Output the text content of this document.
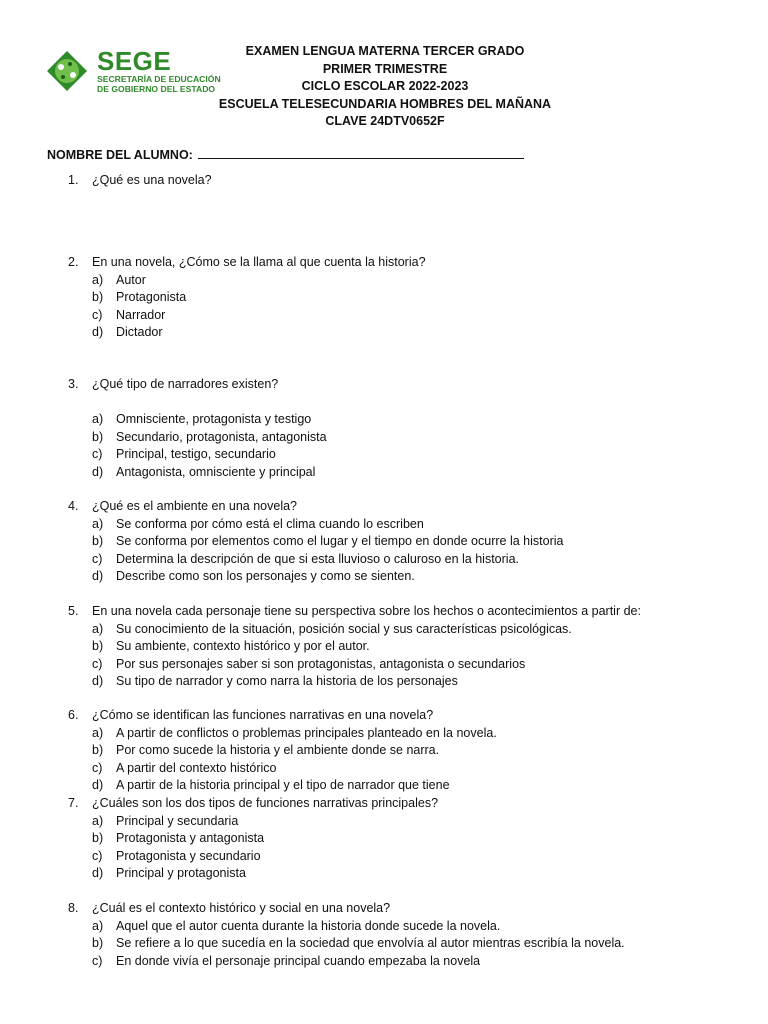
SEGE
SECRETARÍA DE EDUCACIÓN
DE GOBIERNO DEL ESTADO
EXAMEN LENGUA MATERNA TERCER GRADO
PRIMER TRIMESTRE
CICLO ESCOLAR 2022-2023
ESCUELA TELESECUNDARIA HOMBRES DEL MAÑANA
CLAVE 24DTV0652F
NOMBRE DEL ALUMNO:
1.	¿Qué es una novela?
2.	En una novela, ¿Cómo se la llama al que cuenta la historia?
a)	Autor
b)	Protagonista
c)	Narrador
d)	Dictador
3.	¿Qué tipo de narradores existen?
a)	Omnisciente, protagonista y testigo
b)	Secundario, protagonista, antagonista
c)	Principal, testigo, secundario
d)	Antagonista, omnisciente y principal
4.	¿Qué es el ambiente en una novela?
a)	Se conforma por cómo está el clima cuando lo escriben
b)	Se conforma por elementos como el lugar y el tiempo en donde ocurre la historia
c)	Determina la descripción de que si esta lluvioso o caluroso en la historia.
d)	Describe como son los personajes y como se sienten.
5.	En una novela cada personaje tiene su perspectiva sobre los hechos o acontecimientos a partir de:
a)	Su conocimiento de la situación, posición social y sus características psicológicas.
b)	Su ambiente, contexto histórico y por el autor.
c)	Por sus personajes saber si son protagonistas, antagonista o secundarios
d)	Su tipo de narrador y como narra la historia de los personajes
6.	¿Cómo se identifican las funciones narrativas en una novela?
a)	A partir de conflictos o problemas principales planteado en la novela.
b)	Por como sucede la historia y el ambiente donde se narra.
c)	A partir del contexto histórico
d)	A partir de la historia principal y el tipo de narrador que tiene
7.	¿Cuáles son los dos tipos de funciones narrativas principales?
a)	Principal y secundaria
b)	Protagonista y antagonista
c)	Protagonista y secundario
d)	Principal y protagonista
8.	¿Cuál es el contexto histórico y social en una novela?
a)	Aquel que el autor cuenta durante la historia donde sucede la novela.
b)	Se refiere a lo que sucedía en la sociedad que envolvía al autor mientras escribía la novela.
c)	En donde vivía el personaje principal cuando empezaba la novela
